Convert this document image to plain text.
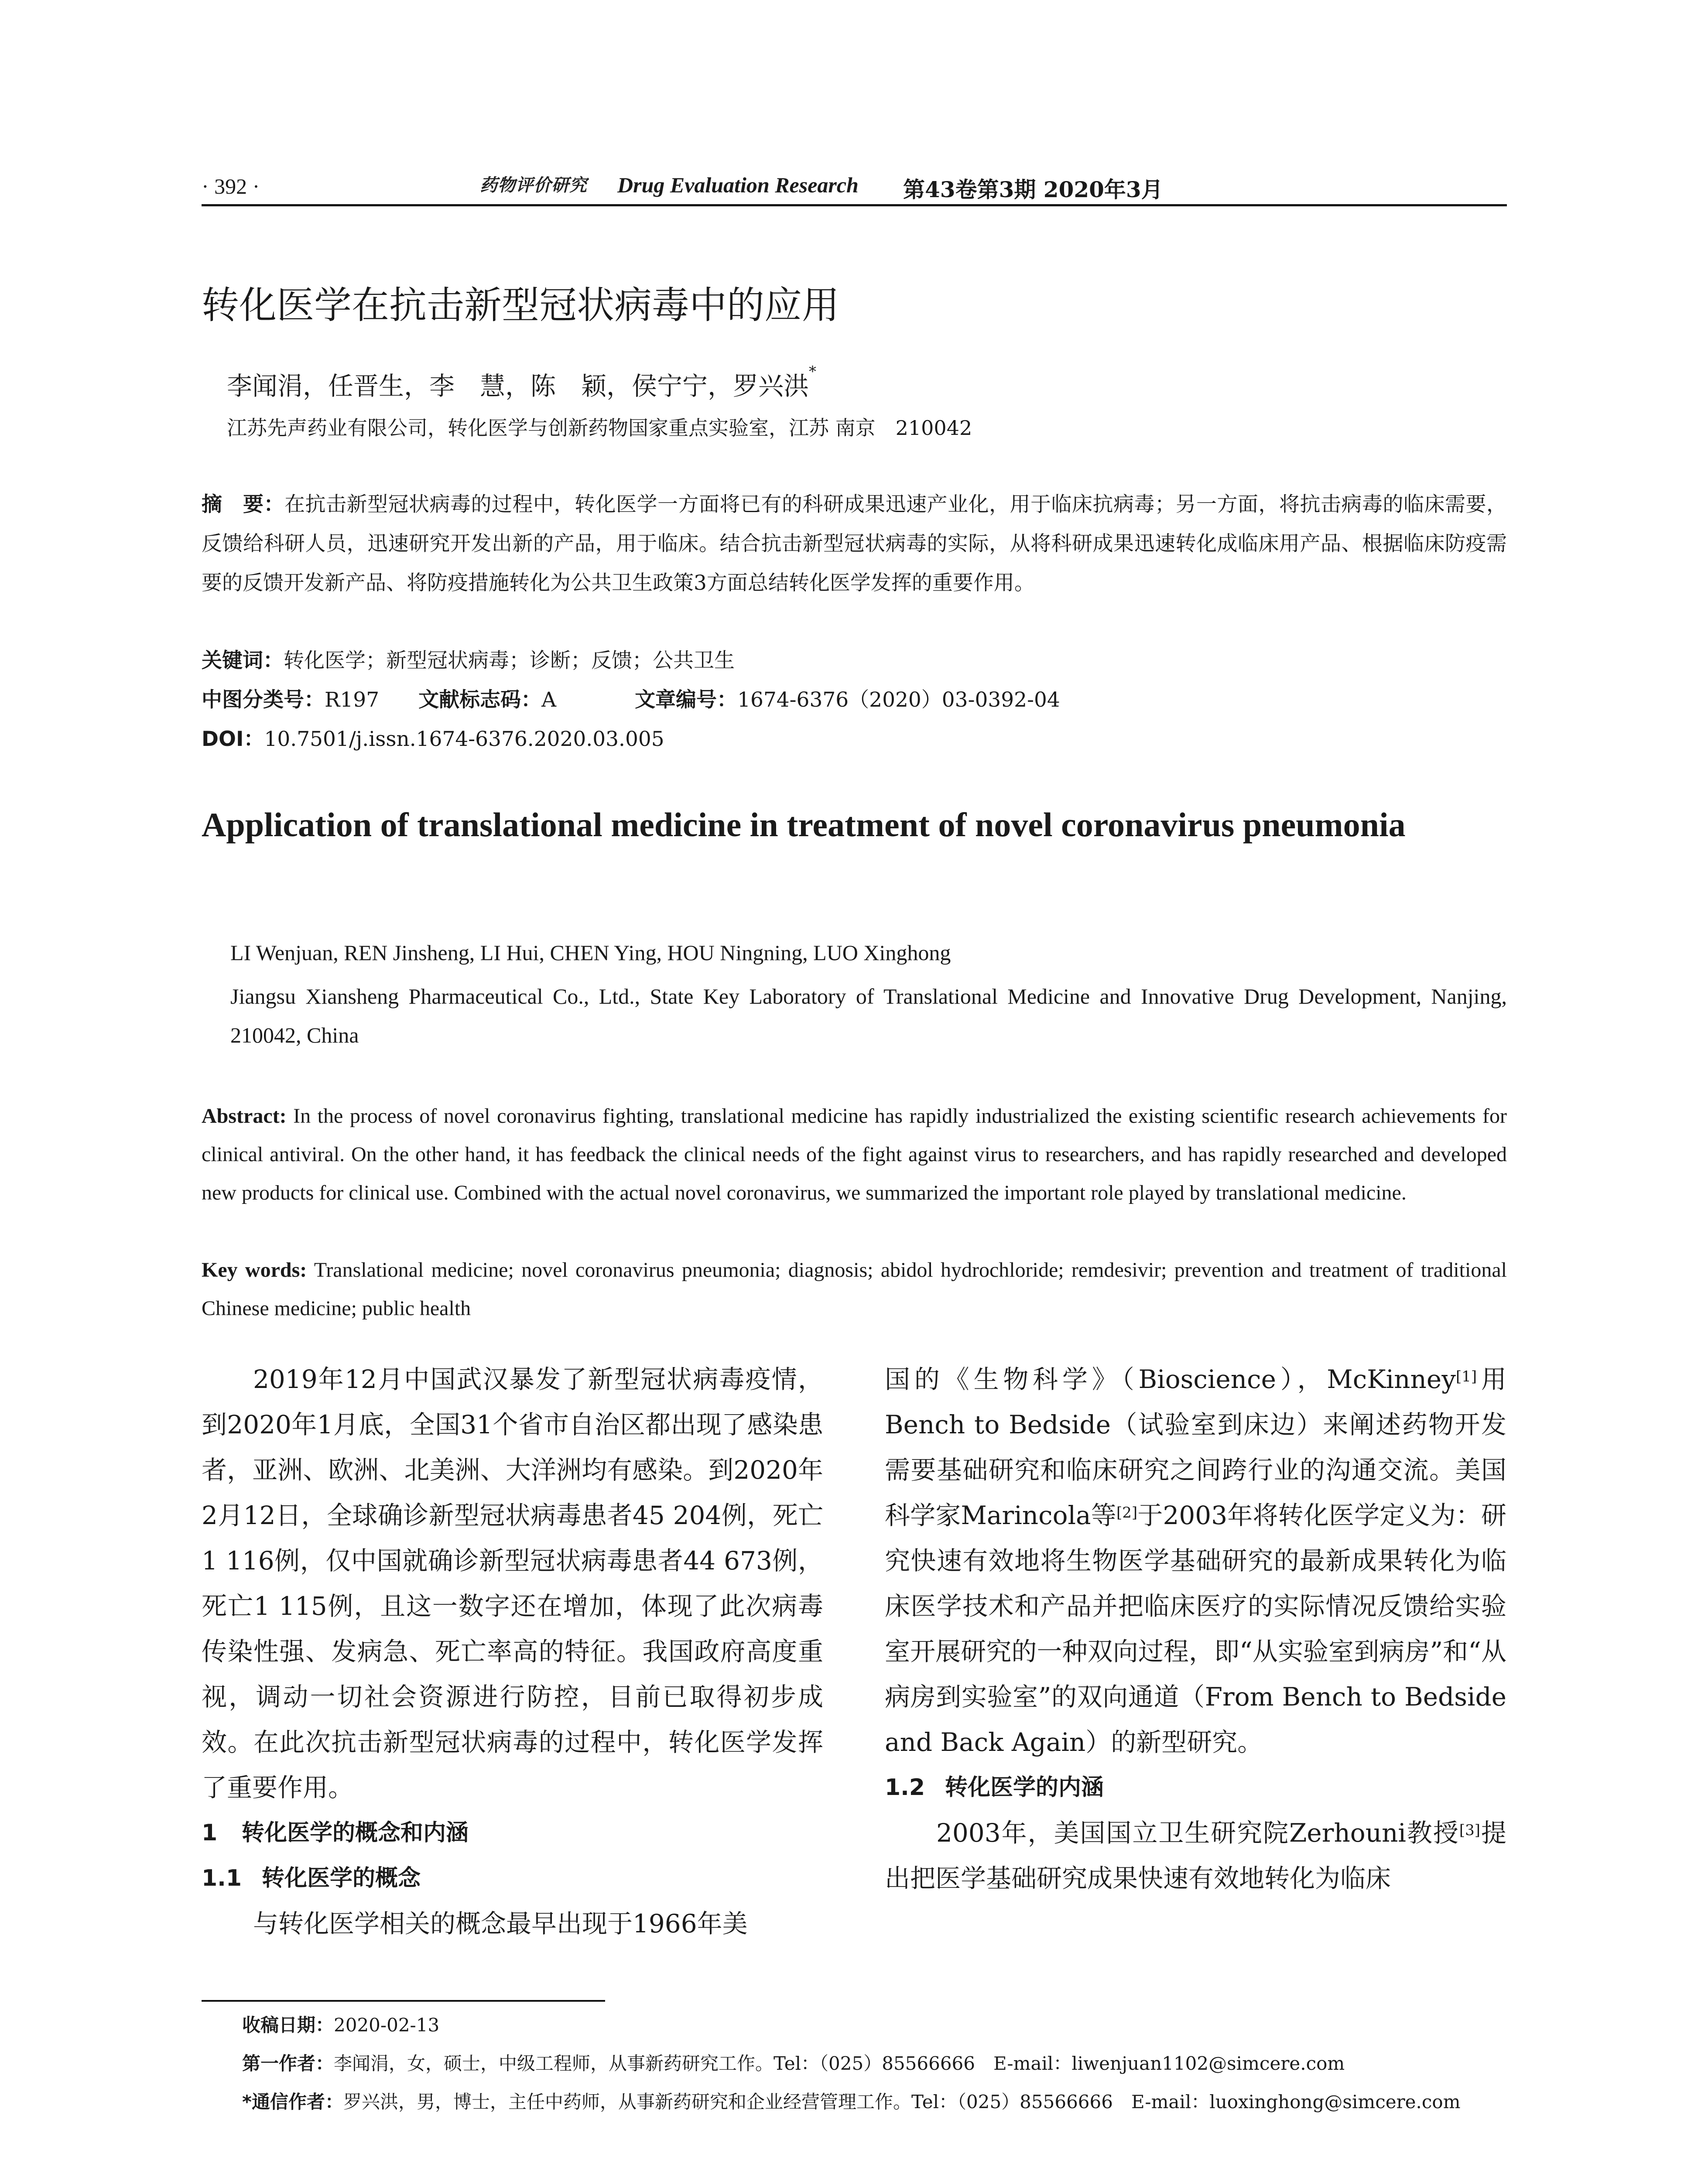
· 392 ·	药物评价研究 Drug Evaluation Research 第43卷第3期 2020年3月
转化医学在抗击新型冠状病毒中的应用
李闻涓，任晋生，李　慧，陈　颖，侯宁宁，罗兴洪*
江苏先声药业有限公司，转化医学与创新药物国家重点实验室，江苏 南京　210042

摘　要：在抗击新型冠状病毒的过程中，转化医学一方面将已有的科研成果迅速产业化，用于临床抗病毒；另一方面，将抗击病毒的临床需要，反馈给科研人员，迅速研究开发出新的产品，用于临床。结合抗击新型冠状病毒的实际，从将科研成果迅速转化成临床用产品、根据临床防疫需要的反馈开发新产品、将防疫措施转化为公共卫生政策3方面总结转化医学发挥的重要作用。

关键词：转化医学；新型冠状病毒；诊断；反馈；公共卫生

中图分类号：R197 文献标志码：A	文章编号：1674-6376（2020）03-0392-04

DOI：10.7501/j.issn.1674-6376.2020.03.005

Application of translational medicine in treatment of novel coronavirus pneumonia
LI Wenjuan, REN Jinsheng, LI Hui, CHEN Ying, HOU Ningning, LUO Xinghong
Jiangsu Xiansheng Pharmaceutical Co., Ltd., State Key Laboratory of Translational Medicine and Innovative Drug Development, Nanjing, 210042, China

Abstract: In the process of novel coronavirus fighting, translational medicine has rapidly industrialized the existing scientific research achievements for clinical antiviral. On the other hand, it has feedback the clinical needs of the fight against virus to researchers, and has rapidly researched and developed new products for clinical use. Combined with the actual novel coronavirus, we summarized the important role played by translational medicine.

Key words: Translational medicine; novel coronavirus pneumonia; diagnosis; abidol hydrochloride; remdesivir; prevention and treatment of traditional Chinese medicine; public health

2019年12月中国武汉暴发了新型冠状病毒疫情，到2020年1月底，全国31个省市自治区都出现了感染患者，亚洲、欧洲、北美洲、大洋洲均有感染。到2020年2月12日，全球确诊新型冠状病毒患者45 204例，死亡1 116例，仅中国就确诊新型冠状病毒患者44 673例，死亡1 115例，且这一数字还在增加，体现了此次病毒传染性强、发病急、死亡率高的特征。我国政府高度重视，调动一切社会资源进行防控，目前已取得初步成效。在此次抗击新型冠状病毒的过程中，转化医学发挥了重要作用。

1 转化医学的概念和内涵
1.1 转化医学的概念

与转化医学相关的概念最早出现于1966年美

国的《生物科学》（Bioscience），McKinney[1]用Bench to Bedside（试验室到床边）来阐述药物开发需要基础研究和临床研究之间跨行业的沟通交流。美国科学家Marincola等[2]于2003年将转化医学定义为：研究快速有效地将生物医学基础研究的最新成果转化为临床医学技术和产品并把临床医疗的实际情况反馈给实验室开展研究的一种双向过程，即“从实验室到病房”和“从病房到实验室”的双向通道（From Bench to Bedside and Back Again）的新型研究。

1.2 转化医学的内涵

2003年，美国国立卫生研究院Zerhouni教授[3]提出把医学基础研究成果快速有效地转化为临床

收稿日期：2020-02-13
第一作者：李闻涓，女，硕士，中级工程师，从事新药研究工作。Tel：（025）85566666　E-mail：liwenjuan1102@simcere.com
*通信作者：罗兴洪，男，博士，主任中药师，从事新药研究和企业经营管理工作。Tel：（025）85566666　E-mail：luoxinghong@simcere.com
